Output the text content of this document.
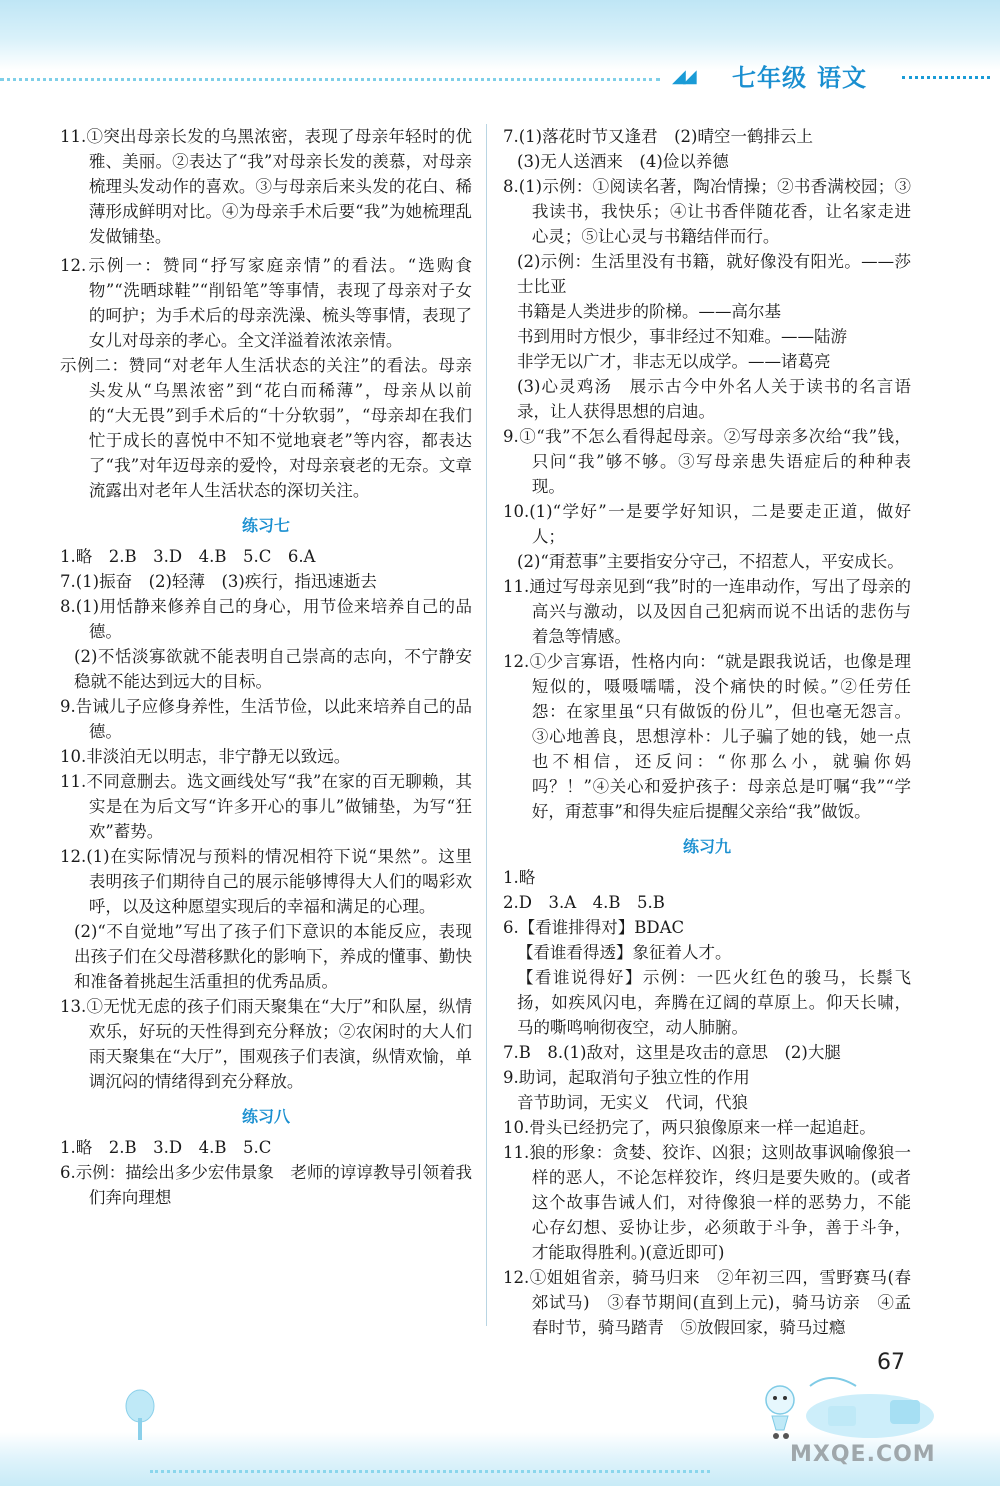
◢◢ 七年级 语文
11.①突出母亲长发的乌黑浓密，表现了母亲年轻时的优雅、美丽。②表达了“我”对母亲长发的羡慕，对母亲梳理头发动作的喜欢。③与母亲后来头发的花白、稀薄形成鲜明对比。④为母亲手术后要“我”为她梳理乱发做铺垫。
12.示例一：赞同“抒写家庭亲情”的看法。“选购食物”“洗晒球鞋”“削铅笔”等事情，表现了母亲对子女的呵护；为手术后的母亲洗澡、梳头等事情，表现了女儿对母亲的孝心。全文洋溢着浓浓亲情。
示例二：赞同“对老年人生活状态的关注”的看法。母亲头发从“乌黑浓密”到“花白而稀薄”，母亲从以前的“大无畏”到手术后的“十分软弱”，“母亲却在我们忙于成长的喜悦中不知不觉地衰老”等内容，都表达了“我”对年迈母亲的爱怜，对母亲衰老的无奈。文章流露出对老年人生活状态的深切关注。
练习七
1.略　2.B　3.D　4.B　5.C　6.A
7.(1)振奋　(2)轻薄　(3)疾行，指迅速逝去
8.(1)用恬静来修养自己的身心，用节俭来培养自己的品德。
(2)不恬淡寡欲就不能表明自己崇高的志向，不宁静安稳就不能达到远大的目标。
9.告诫儿子应修身养性，生活节俭，以此来培养自己的品德。
10.非淡泊无以明志，非宁静无以致远。
11.不同意删去。选文画线处写“我”在家的百无聊赖，其实是在为后文写“许多开心的事儿”做铺垫，为写“狂欢”蓄势。
12.(1)在实际情况与预料的情况相符下说“果然”。这里表明孩子们期待自己的展示能够博得大人们的喝彩欢呼，以及这种愿望实现后的幸福和满足的心理。
(2)“不自觉地”写出了孩子们下意识的本能反应，表现出孩子们在父母潜移默化的影响下，养成的懂事、勤快和准备着挑起生活重担的优秀品质。
13.①无忧无虑的孩子们雨天聚集在“大厅”和队屋，纵情欢乐，好玩的天性得到充分释放；②农闲时的大人们雨天聚集在“大厅”，围观孩子们表演，纵情欢愉，单调沉闷的情绪得到充分释放。
练习八
1.略　2.B　3.D　4.B　5.C
6.示例：描绘出多少宏伟景象　老师的谆谆教导引领着我们奔向理想
7.(1)落花时节又逢君　(2)晴空一鹤排云上
(3)无人送酒来　(4)俭以养德
8.(1)示例：①阅读名著，陶冶情操；②书香满校园；③我读书，我快乐；④让书香伴随花香，让名家走进心灵；⑤让心灵与书籍结伴而行。
(2)示例：生活里没有书籍，就好像没有阳光。——莎士比亚
书籍是人类进步的阶梯。——高尔基
书到用时方恨少，事非经过不知难。——陆游
非学无以广才，非志无以成学。——诸葛亮
(3)心灵鸡汤　展示古今中外名人关于读书的名言语录，让人获得思想的启迪。
9.①“我”不怎么看得起母亲。②写母亲多次给“我”钱，只问“我”够不够。③写母亲患失语症后的种种表现。
10.(1)“学好”一是要学好知识，二是要走正道，做好人；
(2)“甭惹事”主要指安分守己，不招惹人，平安成长。
11.通过写母亲见到“我”时的一连串动作，写出了母亲的高兴与激动，以及因自己犯病而说不出话的悲伤与着急等情感。
12.①少言寡语，性格内向：“就是跟我说话，也像是理短似的，嗫嗫嚅嚅，没个痛快的时候。”②任劳任怨：在家里虽“只有做饭的份儿”，但也毫无怨言。③心地善良，思想淳朴：儿子骗了她的钱，她一点也不相信，还反问：“你那么小，就骗你妈吗？！”④关心和爱护孩子：母亲总是叮嘱“我”“学好，甭惹事”和得失症后提醒父亲给“我”做饭。
练习九
1.略
2.D　3.A　4.B　5.B
6.【看谁排得对】BDAC
【看谁看得透】象征着人才。
【看谁说得好】示例：一匹火红色的骏马，长鬃飞扬，如疾风闪电，奔腾在辽阔的草原上。仰天长啸，马的嘶鸣响彻夜空，动人肺腑。
7.B　8.(1)敌对，这里是攻击的意思　(2)大腿
9.助词，起取消句子独立性的作用
音节助词，无实义　代词，代狼
10.骨头已经扔完了，两只狼像原来一样一起追赶。
11.狼的形象：贪婪、狡诈、凶狠；这则故事讽喻像狼一样的恶人，不论怎样狡诈，终归是要失败的。(或者这个故事告诫人们，对待像狼一样的恶势力，不能心存幻想、妥协让步，必须敢于斗争，善于斗争，才能取得胜利。)(意近即可)
12.①姐姐省亲，骑马归来　②年初三四，雪野赛马(春郊试马)　③春节期间(直到上元)，骑马访亲　④孟春时节，骑马踏青　⑤放假回家，骑马过瘾
67
MXQE.COM
